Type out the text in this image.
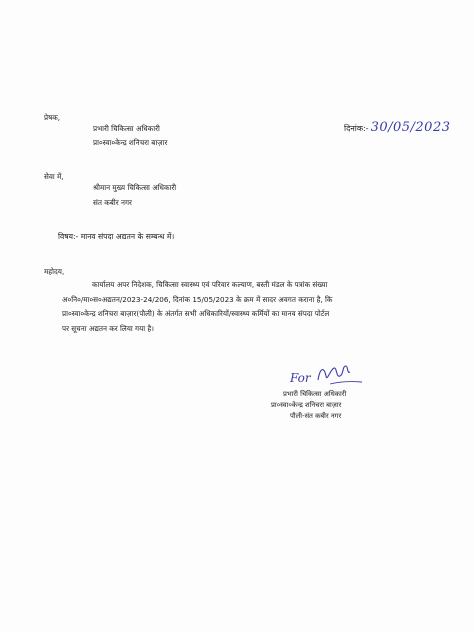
प्रेषक,
प्रभारी चिकित्सा अधिकारी
प्रा०स्वा०केन्द्र शनिचरा बाज़ार
दिनांक:- 30/05/2023
सेवा में,
श्रीमान मुख्य चिकित्सा अधिकारी
संत कबीर नगर
विषय:- मानव संपदा अद्यतन के सम्बन्ध में।
महोदय,
कार्यालय अपर निदेशक, चिकित्सा स्वास्थ्य एवं परिवार कल्याण, बस्ती मंडल के पत्रांक संख्या
अ०नि०/मा०स०अद्यतन/2023-24/206, दिनांक 15/05/2023 के क्रम में सादर अवगत कराना है, कि
प्रा०स्वा०केन्द्र शनिचरा बाज़ार(पौली) के अंतर्गत सभी अधिकारियों/स्वास्थ्य कर्मियों का मानव संपदा पोर्टल
पर सूचना अद्यतन कर लिया गया है।
For
प्रभारी चिकित्सा अधिकारी
प्रा०स्वा०केन्द्र शनिचरा बाज़ार
पौली-संत कबीर नगर
